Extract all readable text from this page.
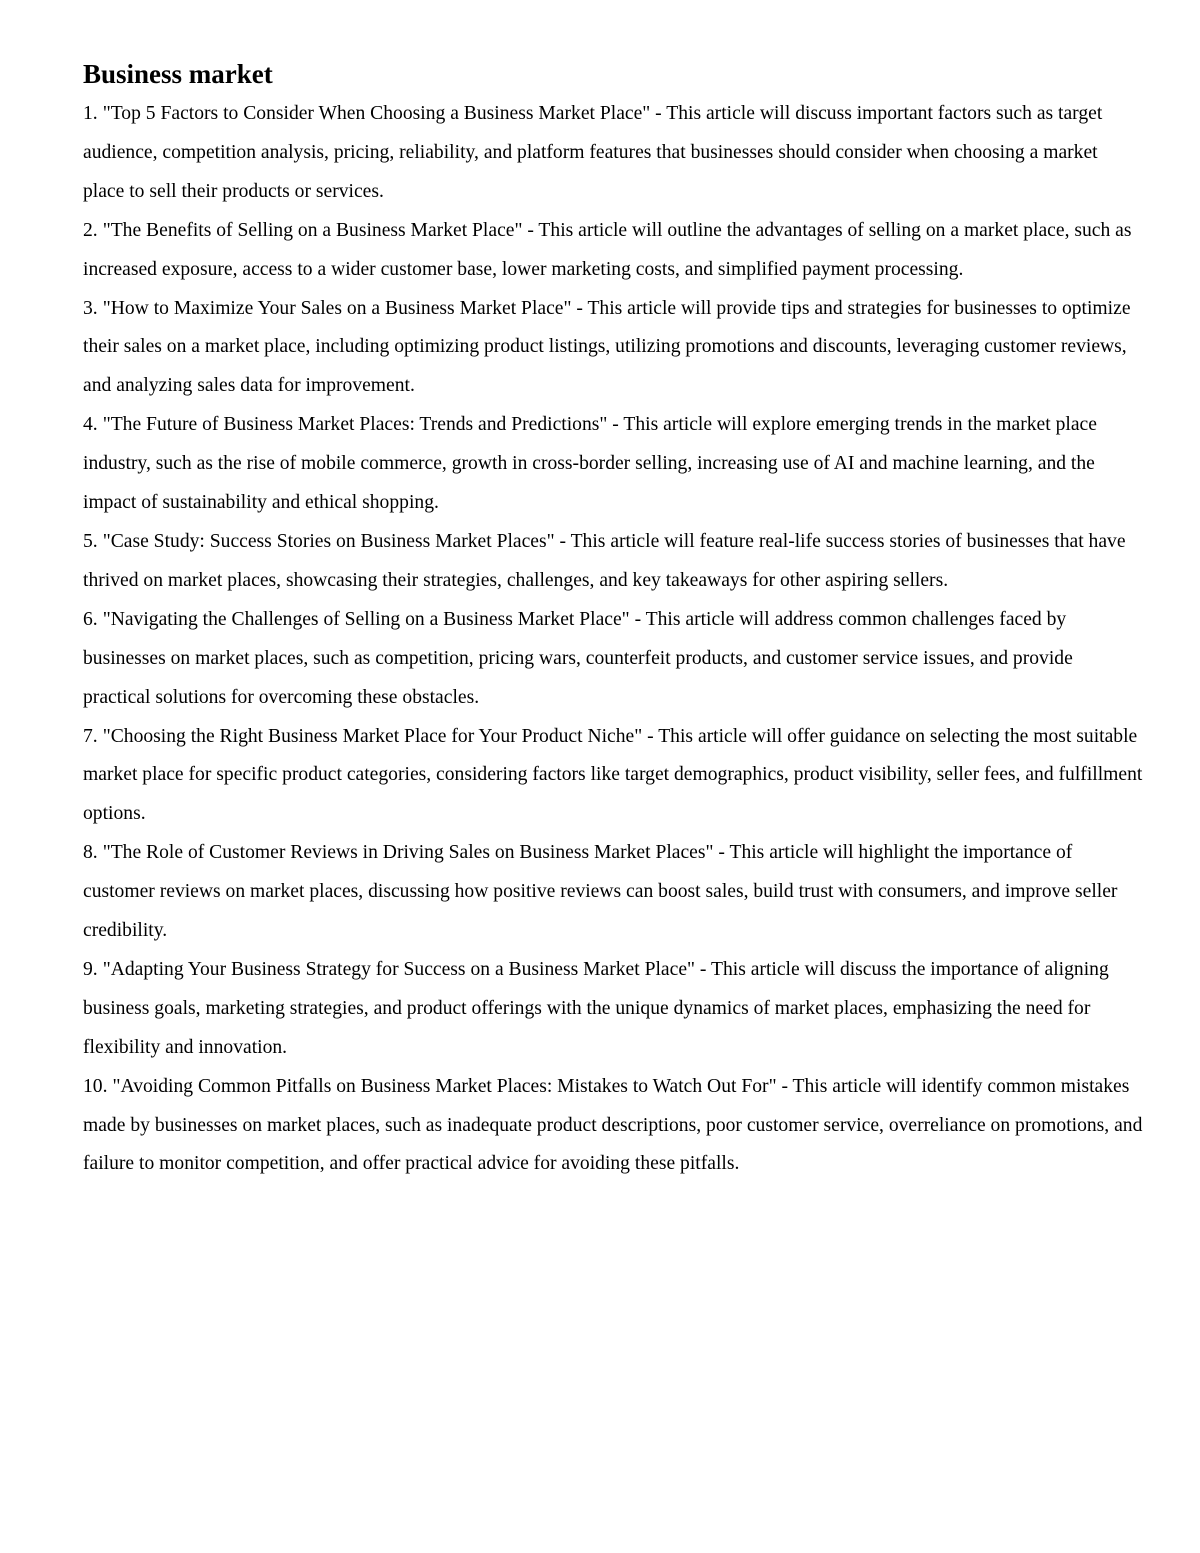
Business market
1. "Top 5 Factors to Consider When Choosing a Business Market Place" - This article will discuss important factors such as target audience, competition analysis, pricing, reliability, and platform features that businesses should consider when choosing a market place to sell their products or services.
2. "The Benefits of Selling on a Business Market Place" - This article will outline the advantages of selling on a market place, such as increased exposure, access to a wider customer base, lower marketing costs, and simplified payment processing.
3. "How to Maximize Your Sales on a Business Market Place" - This article will provide tips and strategies for businesses to optimize their sales on a market place, including optimizing product listings, utilizing promotions and discounts, leveraging customer reviews, and analyzing sales data for improvement.
4. "The Future of Business Market Places: Trends and Predictions" - This article will explore emerging trends in the market place industry, such as the rise of mobile commerce, growth in cross-border selling, increasing use of AI and machine learning, and the impact of sustainability and ethical shopping.
5. "Case Study: Success Stories on Business Market Places" - This article will feature real-life success stories of businesses that have thrived on market places, showcasing their strategies, challenges, and key takeaways for other aspiring sellers.
6. "Navigating the Challenges of Selling on a Business Market Place" - This article will address common challenges faced by businesses on market places, such as competition, pricing wars, counterfeit products, and customer service issues, and provide practical solutions for overcoming these obstacles.
7. "Choosing the Right Business Market Place for Your Product Niche" - This article will offer guidance on selecting the most suitable market place for specific product categories, considering factors like target demographics, product visibility, seller fees, and fulfillment options.
8. "The Role of Customer Reviews in Driving Sales on Business Market Places" - This article will highlight the importance of customer reviews on market places, discussing how positive reviews can boost sales, build trust with consumers, and improve seller credibility.
9. "Adapting Your Business Strategy for Success on a Business Market Place" - This article will discuss the importance of aligning business goals, marketing strategies, and product offerings with the unique dynamics of market places, emphasizing the need for flexibility and innovation.
10. "Avoiding Common Pitfalls on Business Market Places: Mistakes to Watch Out For" - This article will identify common mistakes made by businesses on market places, such as inadequate product descriptions, poor customer service, overreliance on promotions, and failure to monitor competition, and offer practical advice for avoiding these pitfalls.
